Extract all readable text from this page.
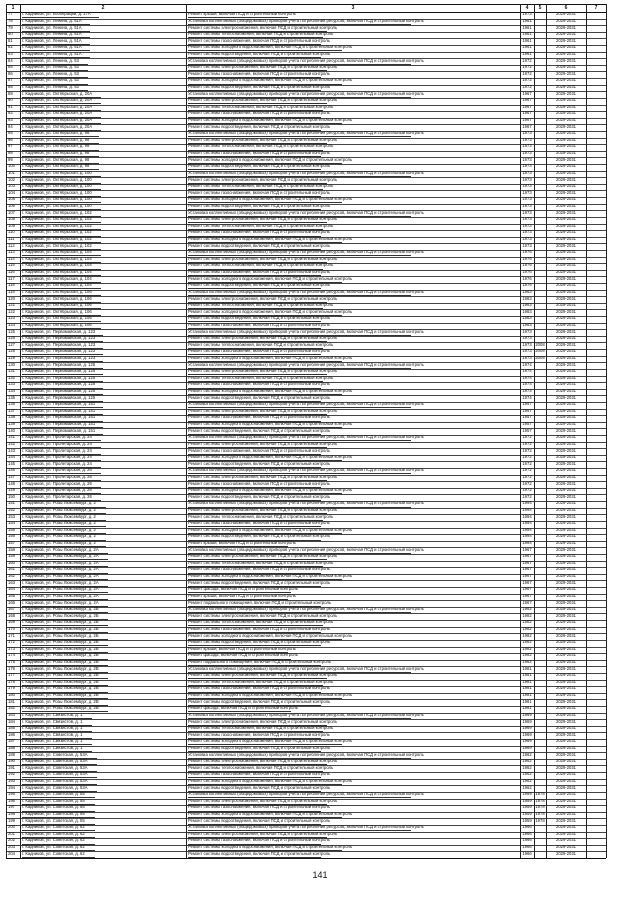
1	2	3	4	5	6	7
77	г. Кадников, ул. Кооперации, д. 27А	Ремонт крыши, включая ПСД и строительный контроль	1973	2029-2031
78	г. Кадников, ул. Ленина, д. 51А	Установка коллективных (общедомовых) приборов учета потребления ресурсов, включая ПСД и строительный контроль	1961	2029-2031
79	г. Кадников, ул. Ленина, д. 51А	Ремонт системы электроснабжения, включая ПСД и строительный контроль	1961	2029-2031
80	г. Кадников, ул. Ленина, д. 51А	Ремонт системы теплоснабжения, включая ПСД и строительный контроль	1961	2029-2031
81	г. Кадников, ул. Ленина, д. 51А	Ремонт системы газоснабжения, включая ПСД и строительный контроль	1961	2029-2031
82	г. Кадников, ул. Ленина, д. 51А	Ремонт системы холодного водоснабжения, включая ПСД и строительный контроль	1961	2029-2031
83	г. Кадников, ул. Ленина, д. 51А	Ремонт системы водоотведения, включая ПСД и строительный контроль	1961	2029-2031
84	г. Кадников, ул. Ленина, д. 53	Установка коллективных (общедомовых) приборов учета потребления ресурсов, включая ПСД и строительный контроль	1972	2029-2031
85	г. Кадников, ул. Ленина, д. 53	Ремонт системы электроснабжения, включая ПСД и строительный контроль	1972	2029-2031
86	г. Кадников, ул. Ленина, д. 53	Ремонт системы газоснабжения, включая ПСД и строительный контроль	1972	2029-2031
87	г. Кадников, ул. Ленина, д. 53	Ремонт системы холодного водоснабжения, включая ПСД и строительный контроль	1972	2029-2031
88	г. Кадников, ул. Ленина, д. 53	Ремонт системы водоотведения, включая ПСД и строительный контроль	1972	2029-2031
89	г. Кадников, ул. Октябрьская, д. 20А	Установка коллективных (общедомовых) приборов учета потребления ресурсов, включая ПСД и строительный контроль	1967	2029-2031
90	г. Кадников, ул. Октябрьская, д. 20А	Ремонт системы электроснабжения, включая ПСД и строительный контроль	1967	2029-2031
91	г. Кадников, ул. Октябрьская, д. 20А	Ремонт системы теплоснабжения, включая ПСД и строительный контроль	1967	2029-2031
92	г. Кадников, ул. Октябрьская, д. 20А	Ремонт системы газоснабжения, включая ПСД и строительный контроль	1967	2029-2031
93	г. Кадников, ул. Октябрьская, д. 20А	Ремонт системы холодного водоснабжения, включая ПСД и строительный контроль	1967	2029-2031
94	г. Кадников, ул. Октябрьская, д. 20А	Ремонт системы водоотведения, включая ПСД и строительный контроль	1967	2029-2031
95	г. Кадников, ул. Октябрьская, д. 98	Установка коллективных (общедомовых) приборов учета потребления ресурсов, включая ПСД и строительный контроль	1973	2029-2031
96	г. Кадников, ул. Октябрьская, д. 98	Ремонт системы электроснабжения, включая ПСД и строительный контроль	1973	2029-2031
97	г. Кадников, ул. Октябрьская, д. 98	Ремонт системы теплоснабжения, включая ПСД и строительный контроль	1973	2029-2031
98	г. Кадников, ул. Октябрьская, д. 98	Ремонт системы газоснабжения, включая ПСД и строительный контроль	1973	2029-2031
99	г. Кадников, ул. Октябрьская, д. 98	Ремонт системы холодного водоснабжения, включая ПСД и строительный контроль	1973	2029-2031
100	г. Кадников, ул. Октябрьская, д. 98	Ремонт системы водоотведения, включая ПСД и строительный контроль	1973	2029-2031
101	г. Кадников, ул. Октябрьская, д. 100	Установка коллективных (общедомовых) приборов учета потребления ресурсов, включая ПСД и строительный контроль	1973	2029-2031
102	г. Кадников, ул. Октябрьская, д. 100	Ремонт системы электроснабжения, включая ПСД и строительный контроль	1973	2029-2031
103	г. Кадников, ул. Октябрьская, д. 100	Ремонт системы теплоснабжения, включая ПСД и строительный контроль	1973	2029-2031
104	г. Кадников, ул. Октябрьская, д. 100	Ремонт системы газоснабжения, включая ПСД и строительный контроль	1973	2029-2031
105	г. Кадников, ул. Октябрьская, д. 100	Ремонт системы холодного водоснабжения, включая ПСД и строительный контроль	1973	2029-2031
106	г. Кадников, ул. Октябрьская, д. 100	Ремонт системы водоотведения, включая ПСД и строительный контроль	1973	2029-2031
107	г. Кадников, ул. Октябрьская, д. 102	Установка коллективных (общедомовых) приборов учета потребления ресурсов, включая ПСД и строительный контроль	1973	2029-2031
108	г. Кадников, ул. Октябрьская, д. 102	Ремонт системы электроснабжения, включая ПСД и строительный контроль	1973	2029-2031
109	г. Кадников, ул. Октябрьская, д. 102	Ремонт системы теплоснабжения, включая ПСД и строительный контроль	1973	2029-2031
110	г. Кадников, ул. Октябрьская, д. 102	Ремонт системы газоснабжения, включая ПСД и строительный контроль	1973	2029-2031
111	г. Кадников, ул. Октябрьская, д. 102	Ремонт системы холодного водоснабжения, включая ПСД и строительный контроль	1973	2029-2031
112	г. Кадников, ул. Октябрьская, д. 102	Ремонт системы водоотведения, включая ПСД и строительный контроль	1973	2029-2031
113	г. Кадников, ул. Октябрьская, д. 104	Установка коллективных (общедомовых) приборов учета потребления ресурсов, включая ПСД и строительный контроль	1976	2029-2031
114	г. Кадников, ул. Октябрьская, д. 104	Ремонт системы электроснабжения, включая ПСД и строительный контроль	1976	2029-2031
115	г. Кадников, ул. Октябрьская, д. 104	Ремонт системы теплоснабжения, включая ПСД и строительный контроль	1976	2029-2031
116	г. Кадников, ул. Октябрьская, д. 104	Ремонт системы газоснабжения, включая ПСД и строительный контроль	1976	2029-2031
117	г. Кадников, ул. Октябрьская, д. 104	Ремонт системы холодного водоснабжения, включая ПСД и строительный контроль	1976	2029-2031
118	г. Кадников, ул. Октябрьская, д. 104	Ремонт системы водоотведения, включая ПСД и строительный контроль	1976	2029-2031
119	г. Кадников, ул. Октябрьская, д. 106	Установка коллективных (общедомовых) приборов учета потребления ресурсов, включая ПСД и строительный контроль	1983	2029-2031
120	г. Кадников, ул. Октябрьская, д. 106	Ремонт системы электроснабжения, включая ПСД и строительный контроль	1983	2029-2031
121	г. Кадников, ул. Октябрьская, д. 106	Ремонт системы теплоснабжения, включая ПСД и строительный контроль	1983	2029-2031
122	г. Кадников, ул. Октябрьская, д. 106	Ремонт системы холодного водоснабжения, включая ПСД и строительный контроль	1983	2029-2031
123	г. Кадников, ул. Октябрьская, д. 106	Ремонт системы водоотведения, включая ПСД и строительный контроль	1983	2029-2031
124	г. Кадников, ул. Октябрьская, д. 106	Ремонт системы газоснабжения, включая ПСД и строительный контроль	1983	2029-2031
125	г. Кадников, ул. Первомайская, д. 123	Установка коллективных (общедомовых) приборов учета потребления ресурсов, включая ПСД и строительный контроль	1973	2029-2031
126	г. Кадников, ул. Первомайская, д. 123	Ремонт системы электроснабжения, включая ПСД и строительный контроль	1973	2029-2031
127	г. Кадников, ул. Первомайская, д. 123	Ремонт системы теплоснабжения, включая ПСД и строительный контроль	1973 2008	2029-2031
128	г. Кадников, ул. Первомайская, д. 123	Ремонт системы газоснабжения, включая ПСД и строительный контроль	1973 2008	2029-2031
129	г. Кадников, ул. Первомайская, д. 123	Ремонт системы холодного водоснабжения, включая ПСД и строительный контроль	1973 2008	2029-2031
130	г. Кадников, ул. Первомайская, д. 125	Установка коллективных (общедомовых) приборов учета потребления ресурсов, включая ПСД и строительный контроль	1974	2029-2031
131	г. Кадников, ул. Первомайская, д. 125	Ремонт системы электроснабжения, включая ПСД и строительный контроль	1974	2029-2031
132	г. Кадников, ул. Первомайская, д. 125	Ремонт системы теплоснабжения, включая ПСД и строительный контроль	1974	2029-2031
133	г. Кадников, ул. Первомайская, д. 125	Ремонт системы газоснабжения, включая ПСД и строительный контроль	1974	2029-2031
134	г. Кадников, ул. Первомайская, д. 125	Ремонт системы холодного водоснабжения, включая ПСД и строительный контроль	1974	2029-2031
135	г. Кадников, ул. Первомайская, д. 125	Ремонт системы водоотведения, включая ПСД и строительный контроль	1974	2029-2031
136	г. Кадников, ул. Первомайская, д. 151	Установка коллективных (общедомовых) приборов учета потребления ресурсов, включая ПСД и строительный контроль	1957	2029-2031
137	г. Кадников, ул. Первомайская, д. 151	Ремонт системы электроснабжения, включая ПСД и строительный контроль	1957	2029-2031
138	г. Кадников, ул. Первомайская, д. 151	Ремонт системы газоснабжения, включая ПСД и строительный контроль	1957	2029-2031
139	г. Кадников, ул. Первомайская, д. 151	Ремонт системы холодного водоснабжения, включая ПСД и строительный контроль	1957	2029-2031
140	г. Кадников, ул. Первомайская, д. 151	Ремонт системы водоотведения, включая ПСД и строительный контроль	1957	2029-2031
141	г. Кадников, ул. Пролетарская, д. 24	Установка коллективных (общедомовых) приборов учета потребления ресурсов, включая ПСД и строительный контроль	1972	2029-2031
142	г. Кадников, ул. Пролетарская, д. 24	Ремонт системы электроснабжения, включая ПСД и строительный контроль	1972	2029-2031
143	г. Кадников, ул. Пролетарская, д. 24	Ремонт системы газоснабжения, включая ПСД и строительный контроль	1972	2029-2031
144	г. Кадников, ул. Пролетарская, д. 24	Ремонт системы холодного водоснабжения, включая ПСД и строительный контроль	1972	2029-2031
145	г. Кадников, ул. Пролетарская, д. 24	Ремонт системы водоотведения, включая ПСД и строительный контроль	1972	2029-2031
146	г. Кадников, ул. Пролетарская, д. 26	Установка коллективных (общедомовых) приборов учета потребления ресурсов, включая ПСД и строительный контроль	1972	2029-2031
147	г. Кадников, ул. Пролетарская, д. 26	Ремонт системы электроснабжения, включая ПСД и строительный контроль	1972	2029-2031
148	г. Кадников, ул. Пролетарская, д. 26	Ремонт системы газоснабжения, включая ПСД и строительный контроль	1972	2029-2031
149	г. Кадников, ул. Пролетарская, д. 26	Ремонт системы холодного водоснабжения, включая ПСД и строительный контроль	1972	2029-2031
150	г. Кадников, ул. Пролетарская, д. 26	Ремонт системы водоотведения, включая ПСД и строительный контроль	1972	2029-2031
151	г. Кадников, ул. Розы Люксембург, д. 2	Установка коллективных (общедомовых) приборов учета потребления ресурсов, включая ПСД и строительный контроль	1994	2029-2031
152	г. Кадников, ул. Розы Люксембург, д. 2	Ремонт системы электроснабжения, включая ПСД и строительный контроль	1994	2029-2031
153	г. Кадников, ул. Розы Люксембург, д. 2	Ремонт системы теплоснабжения, включая ПСД и строительный контроль	1994	2029-2031
154	г. Кадников, ул. Розы Люксембург, д. 2	Ремонт системы газоснабжения, включая ПСД и строительный контроль	1994	2029-2031
155	г. Кадников, ул. Розы Люксембург, д. 2	Ремонт системы холодного водоснабжения, включая ПСД и строительный контроль	1994	2029-2031
156	г. Кадников, ул. Розы Люксембург, д. 2	Ремонт системы водоотведения, включая ПСД и строительный контроль	1994	2029-2031
157	г. Кадников, ул. Розы Люксембург, д. 2	Ремонт крыши, включая ПСД и строительный контроль	1994	2029-2031
158	г. Кадников, ул. Розы Люксембург, д. 2А	Установка коллективных (общедомовых) приборов учета потребления ресурсов, включая ПСД и строительный контроль	1967	2029-2031
159	г. Кадников, ул. Розы Люксембург, д. 2А	Ремонт системы электроснабжения, включая ПСД и строительный контроль	1967	2029-2031
160	г. Кадников, ул. Розы Люксембург, д. 2А	Ремонт системы теплоснабжения, включая ПСД и строительный контроль	1967	2029-2031
161	г. Кадников, ул. Розы Люксембург, д. 2А	Ремонт системы газоснабжения, включая ПСД и строительный контроль	1967	2029-2031
162	г. Кадников, ул. Розы Люксембург, д. 2А	Ремонт системы холодного водоснабжения, включая ПСД и строительный контроль	1967	2029-2031
163	г. Кадников, ул. Розы Люксембург, д. 2А	Ремонт системы водоотведения, включая ПСД и строительный контроль	1967	2029-2031
164	г. Кадников, ул. Розы Люксембург, д. 2А	Ремонт фасада, включая ПСД и строительный контроль	1967	2029-2031
165	г. Кадников, ул. Розы Люксембург, д. 2А	Ремонт крыши, включая ПСД и строительный контроль	1967	2029-2031
166	г. Кадников, ул. Розы Люксембург, д. 2А	Ремонт подвального помещения, включая ПСД и строительный контроль	1967	2029-2031
167	г. Кадников, ул. Розы Люксембург, д. 2Б	Установка коллективных (общедомовых) приборов учета потребления ресурсов, включая ПСД и строительный контроль	1982	2029-2031
168	г. Кадников, ул. Розы Люксембург, д. 2Б	Ремонт системы электроснабжения, включая ПСД и строительный контроль	1982	2029-2031
169	г. Кадников, ул. Розы Люксембург, д. 2Б	Ремонт системы теплоснабжения, включая ПСД и строительный контроль	1982	2029-2031
170	г. Кадников, ул. Розы Люксембург, д. 2Б	Ремонт системы газоснабжения, включая ПСД и строительный контроль	1982	2029-2031
171	г. Кадников, ул. Розы Люксембург, д. 2Б	Ремонт системы холодного водоснабжения, включая ПСД и строительный контроль	1982	2029-2031
172	г. Кадников, ул. Розы Люксембург, д. 2Б	Ремонт системы водоотведения, включая ПСД и строительный контроль	1982	2029-2031
173	г. Кадников, ул. Розы Люксембург, д. 2Б	Ремонт крыши, включая ПСД и строительный контроль	1982	2029-2031
174	г. Кадников, ул. Розы Люксембург, д. 2Б	Ремонт фасада, включая ПСД и строительный контроль	1982	2029-2031
175	г. Кадников, ул. Розы Люксембург, д. 2В	Ремонт подвального помещения, включая ПСД и строительный контроль	1982	2029-2031
176	г. Кадников, ул. Розы Люксембург, д. 2В	Установка коллективных (общедомовых) приборов учета потребления ресурсов, включая ПСД и строительный контроль	1981	2029-2031
177	г. Кадников, ул. Розы Люксембург, д. 2В	Ремонт системы электроснабжения, включая ПСД и строительный контроль	1981	2029-2031
178	г. Кадников, ул. Розы Люксембург, д. 2В	Ремонт системы теплоснабжения, включая ПСД и строительный контроль	1981	2029-2031
179	г. Кадников, ул. Розы Люксембург, д. 2В	Ремонт системы газоснабжения, включая ПСД и строительный контроль	1981	2029-2031
180	г. Кадников, ул. Розы Люксембург, д. 2В	Ремонт системы холодного водоснабжения, включая ПСД и строительный контроль	1981	2029-2031
181	г. Кадников, ул. Розы Люксембург, д. 2В	Ремонт системы водоотведения, включая ПСД и строительный контроль	1981	2029-2031
182	г. Кадников, ул. Розы Люксембург, д. 2В	Ремонт фасада, включая ПСД и строительный контроль	1981	2029-2031
183	г. Кадников, ул. Связистов, д. 1	Установка коллективных (общедомовых) приборов учета потребления ресурсов, включая ПСД и строительный контроль	1969	2029-2031
184	г. Кадников, ул. Связистов, д. 1	Ремонт системы электроснабжения, включая ПСД и строительный контроль	1969	2029-2031
185	г. Кадников, ул. Связистов, д. 1	Ремонт системы теплоснабжения, включая ПСД и строительный контроль	1969	2029-2031
186	г. Кадников, ул. Связистов, д. 1	Ремонт системы газоснабжения, включая ПСД и строительный контроль	1969	2029-2031
187	г. Кадников, ул. Связистов, д. 1	Ремонт системы холодного водоснабжения, включая ПСД и строительный контроль	1969	2029-2031
188	г. Кадников, ул. Связистов, д. 1	Ремонт системы водоотведения, включая ПСД и строительный контроль	1969	2029-2031
189	г. Кадников, ул. Советская, д. 53А	Установка коллективных (общедомовых) приборов учета потребления ресурсов, включая ПСД и строительный контроль	1962	2029-2031
190	г. Кадников, ул. Советская, д. 53А	Ремонт системы электроснабжения, включая ПСД и строительный контроль	1962	2029-2031
191	г. Кадников, ул. Советская, д. 53А	Ремонт системы теплоснабжения, включая ПСД и строительный контроль	1962	2029-2031
192	г. Кадников, ул. Советская, д. 53А	Ремонт системы газоснабжения, включая ПСД и строительный контроль	1962	2029-2031
193	г. Кадников, ул. Советская, д. 53А	Ремонт системы холодного водоснабжения, включая ПСД и строительный контроль	1962	2029-2031
194	г. Кадников, ул. Советская, д. 53А	Ремонт системы водоотведения, включая ПСД и строительный контроль	1962	2029-2031
195	г. Кадников, ул. Советская, д. 55	Установка коллективных (общедомовых) приборов учета потребления ресурсов, включая ПСД и строительный контроль	1959 1978	2029-2031
196	г. Кадников, ул. Советская, д. 55	Ремонт системы электроснабжения, включая ПСД и строительный контроль	1959 1978	2029-2031
197	г. Кадников, ул. Советская, д. 55	Ремонт системы газоснабжения, включая ПСД и строительный контроль	1959 1978	2029-2031
198	г. Кадников, ул. Советская, д. 55	Ремонт системы холодного водоснабжения, включая ПСД и строительный контроль	1959 1978	2029-2031
199	г. Кадников, ул. Советская, д. 55	Ремонт системы водоотведения, включая ПСД и строительный контроль	1959 1978	2029-2031
200	г. Кадников, ул. Советская, д. 62	Установка коллективных (общедомовых) приборов учета потребления ресурсов, включая ПСД и строительный контроль	1966	2029-2031
201	г. Кадников, ул. Советская, д. 62	Ремонт системы электроснабжения, включая ПСД и строительный контроль	1966	2029-2031
202	г. Кадников, ул. Советская, д. 62	Ремонт системы газоснабжения, включая ПСД и строительный контроль	1966	2029-2031
203	г. Кадников, ул. Советская, д. 62	Ремонт системы холодного водоснабжения, включая ПСД и строительный контроль	1966	2029-2031
204	г. Кадников, ул. Советская, д. 62	Ремонт системы водоотведения, включая ПСД и строительный контроль	1966	2029-2031
141
